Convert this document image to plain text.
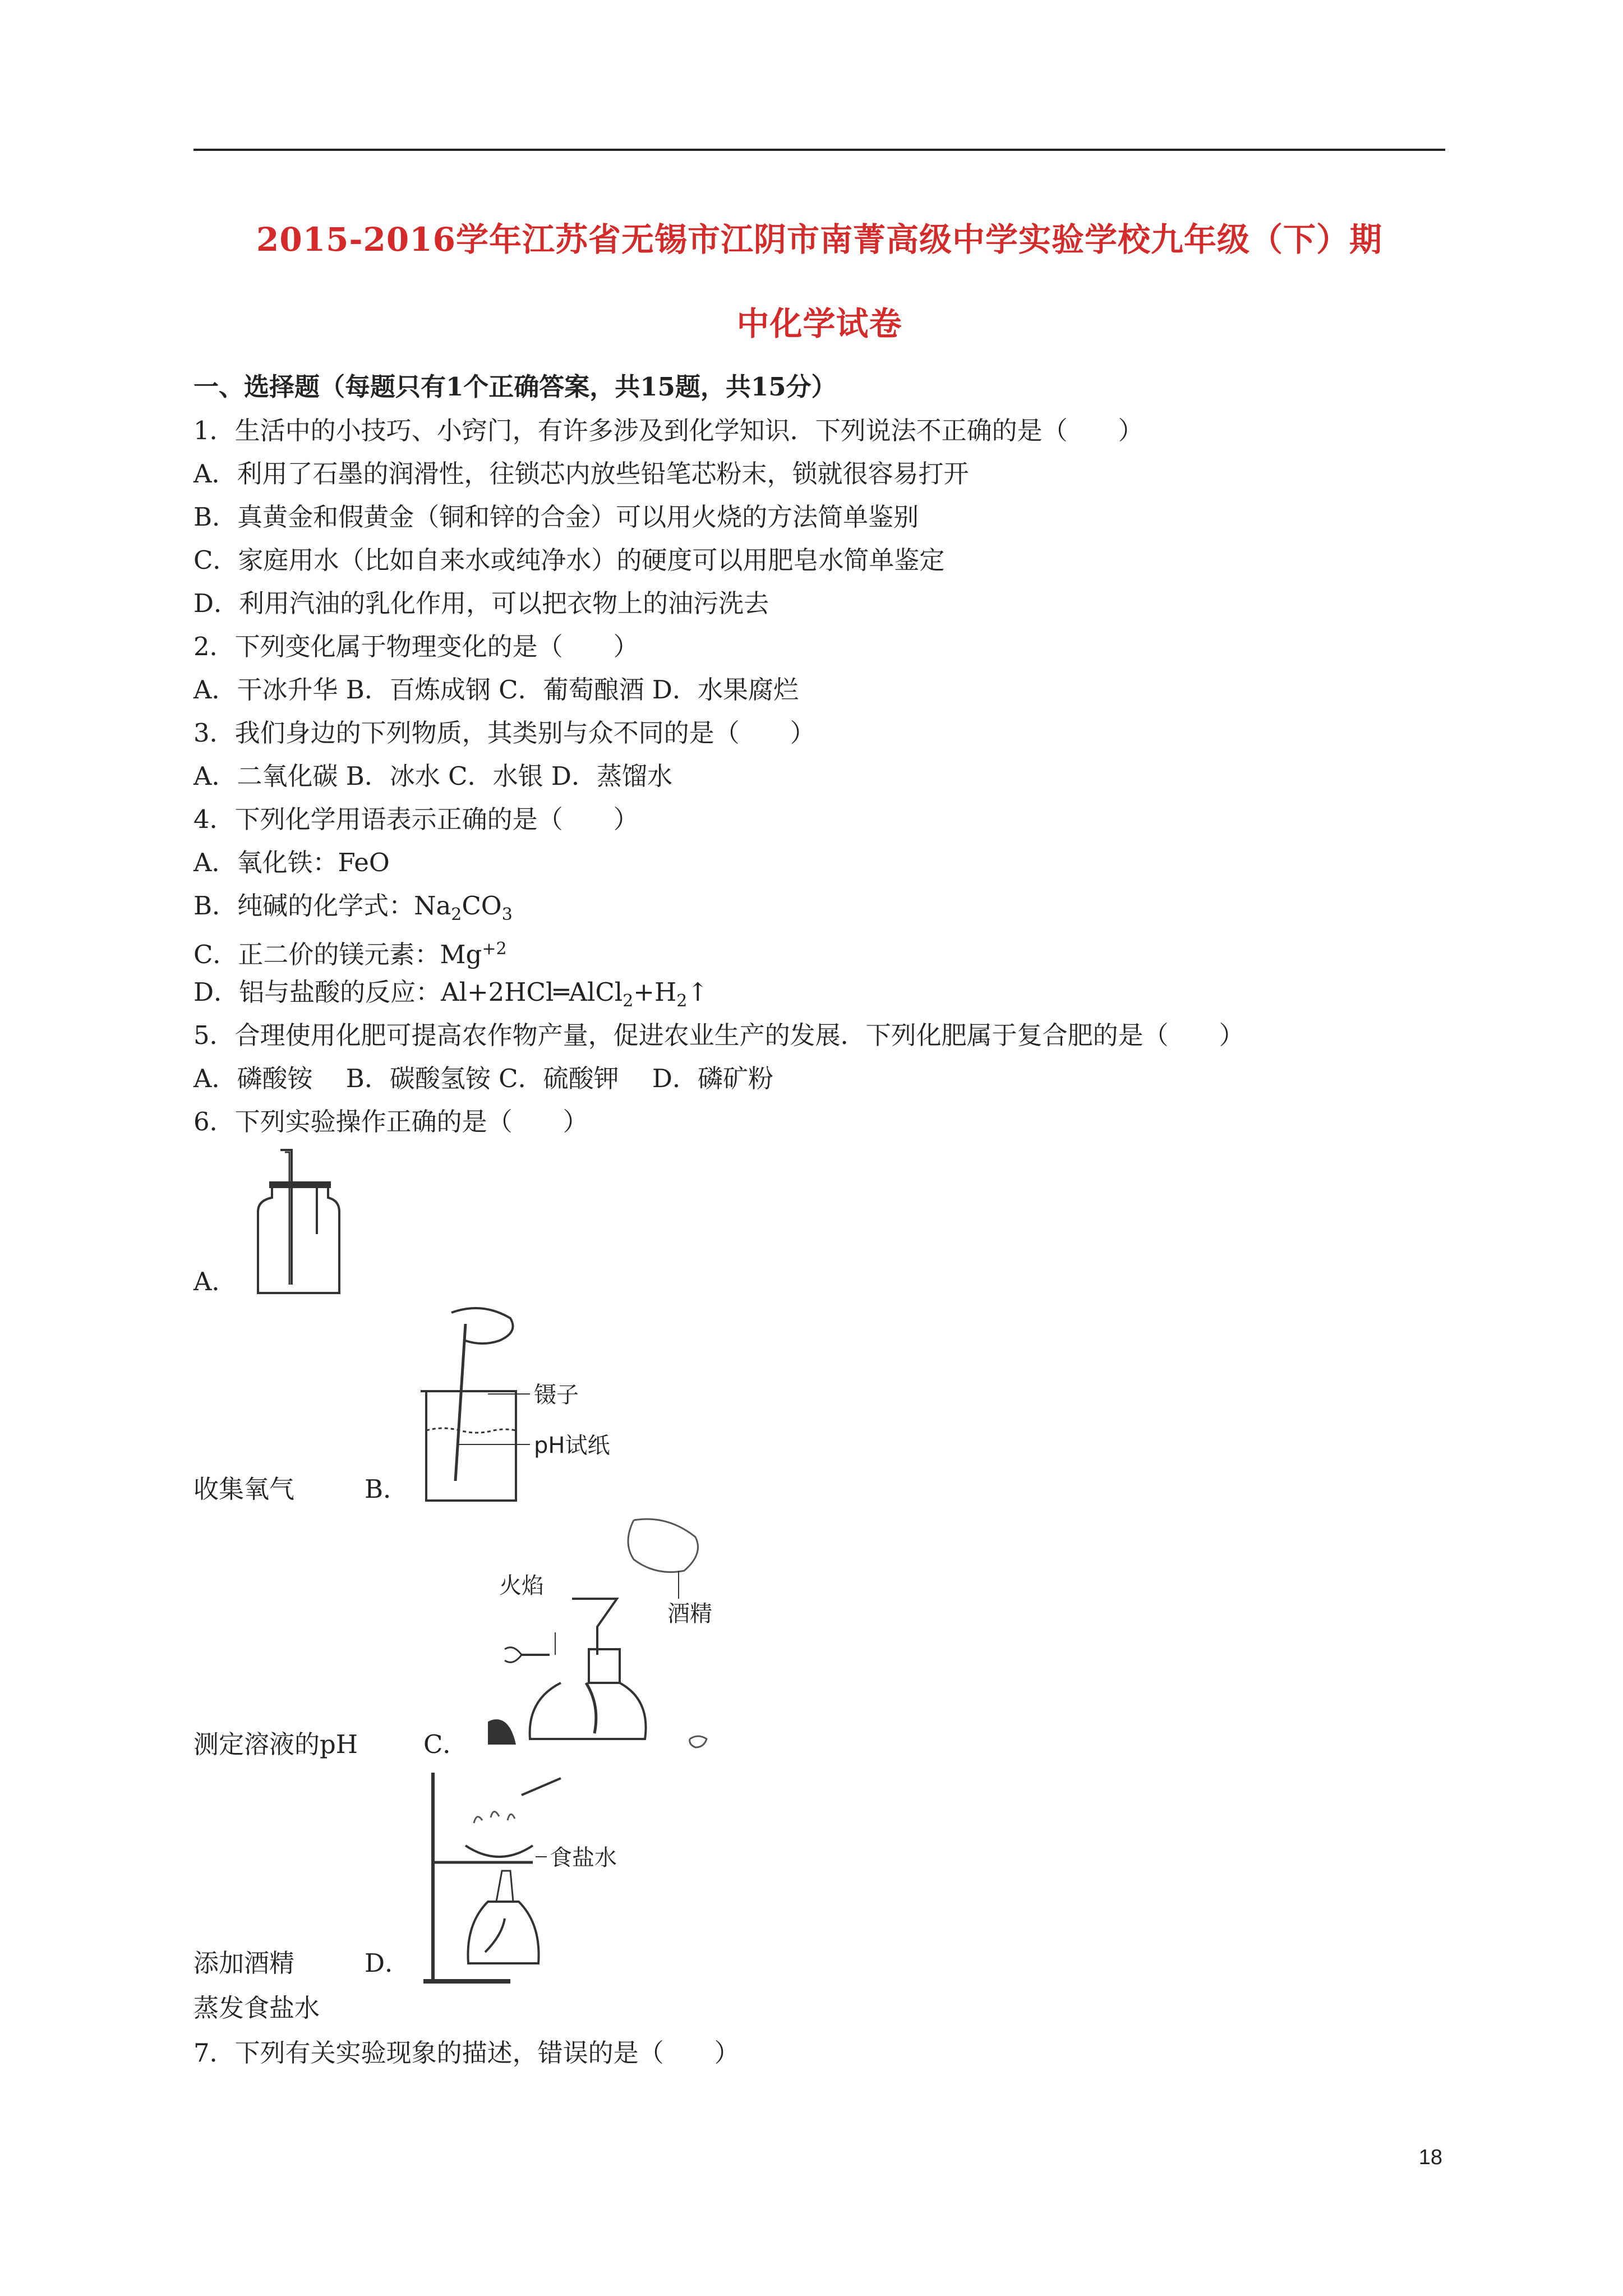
2015-2016学年江苏省无锡市江阴市南菁高级中学实验学校九年级（下）期
中化学试卷
一、选择题（每题只有1个正确答案，共15题，共15分）
1．生活中的小技巧、小窍门，有许多涉及到化学知识．下列说法不正确的是（　　）
A．利用了石墨的润滑性，往锁芯内放些铅笔芯粉末，锁就很容易打开
B．真黄金和假黄金（铜和锌的合金）可以用火烧的方法简单鉴别
C．家庭用水（比如自来水或纯净水）的硬度可以用肥皂水简单鉴定
D．利用汽油的乳化作用，可以把衣物上的油污洗去
2．下列变化属于物理变化的是（　　）
A．干冰升华 B．百炼成钢 C．葡萄酿酒 D．水果腐烂
3．我们身边的下列物质，其类别与众不同的是（　　）
A．二氧化碳 B．冰水 C．水银 D．蒸馏水
4．下列化学用语表示正确的是（　　）
A．氧化铁：FeO
B．纯碱的化学式：$Na_2CO_3$
C．正二价的镁元素：$Mg^{+2}$
D．铝与盐酸的反应：$Al+2HCl═AlCl_2+H_2↑$
5．合理使用化肥可提高农作物产量，促进农业生产的发展．下列化肥属于复合肥的是（　　）
A．磷酸铵　 B．碳酸氢铵 C．硫酸钾　 D．磷矿粉
6．下列实验操作正确的是（　　）
A．
镊子
pH试纸
收集氧气	B．
火焰
酒精
测定溶液的pH	C．
食盐水
添加酒精	D．
蒸发食盐水
7．下列有关实验现象的描述，错误的是（　　）
18
